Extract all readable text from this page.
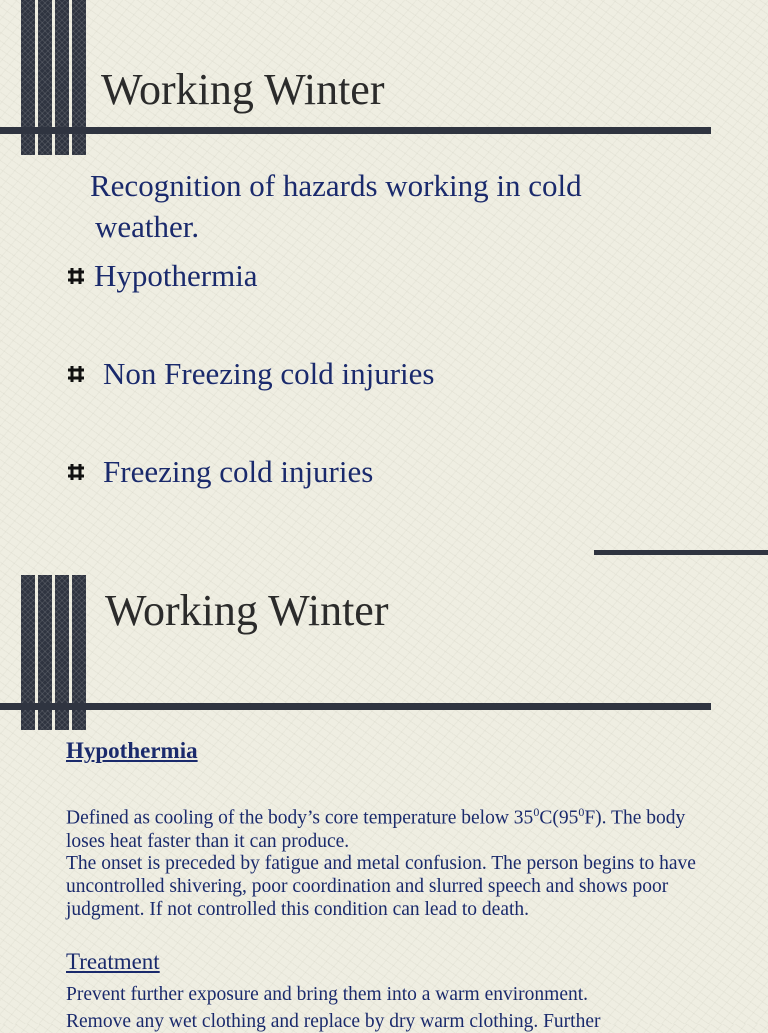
Working Winter
Recognition of hazards working in cold
weather.
Hypothermia
Non Freezing cold injuries
Freezing cold injuries
Working Winter
Hypothermia
Defined as cooling of the body’s core temperature below $35^0C(95^0F)$. The body loses heat faster than it can produce.
The onset is preceded by fatigue and metal confusion. The person begins to have uncontrolled shivering, poor coordination and slurred speech and shows poor judgment. If not controlled this condition can lead to death.
Treatment
Prevent further exposure and bring them into a warm environment.
Remove any wet clothing and replace by dry warm clothing. Further
